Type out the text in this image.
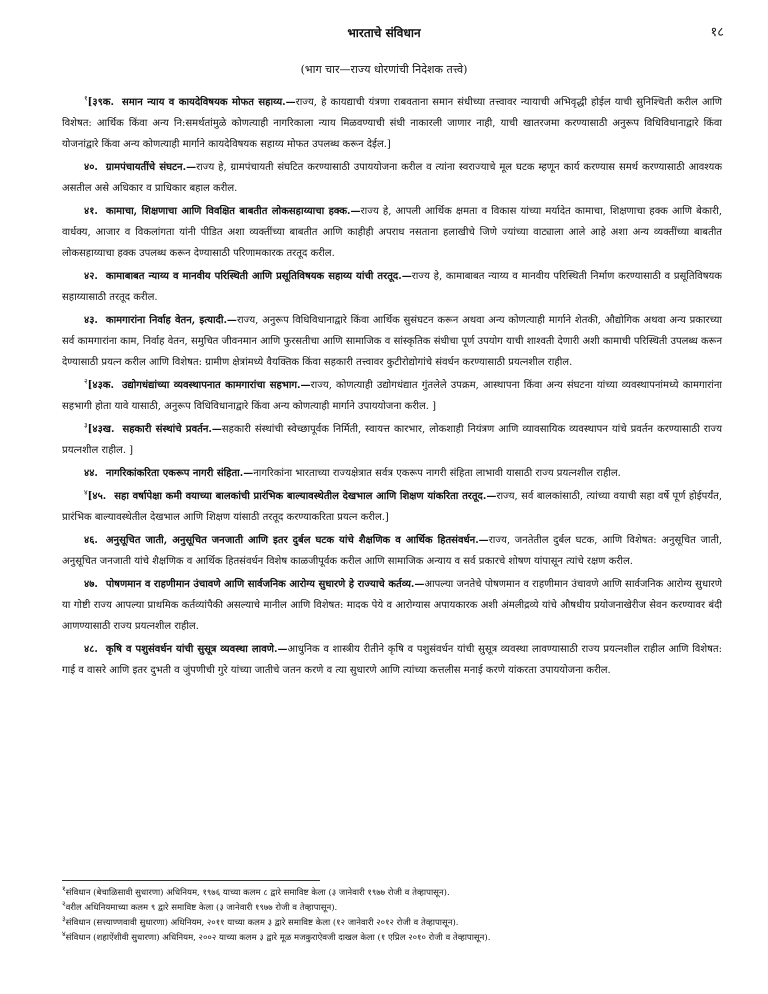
भारताचे संविधान	१८
(भाग चार—राज्य धोरणांची निदेशक तत्त्वे)

$^१$[३९क. समान न्याय व कायदेविषयक मोफत सहाय्य.—राज्य, हे कायद्याची यंत्रणा राबवताना समान संधीच्या तत्त्वावर न्यायाची अभिवृद्धी होईल याची सुनिश्चिती करील आणि विशेषत: आर्थिक किंवा अन्य नि:समर्थतांमुळे कोणत्याही नागरिकाला न्याय मिळवण्याची संधी नाकारली जाणार नाही, याची खातरजमा करण्यासाठी अनुरूप विधिविधानाद्वारे किंवा योजनांद्वारे किंवा अन्य कोणत्याही मार्गाने कायदेविषयक सहाय्य मोफत उपलब्ध करून देईल.]

४०. ग्रामपंचायतींचे संघटन.—राज्य हे, ग्रामपंचायती संघटित करण्यासाठी उपाययोजना करील व त्यांना स्वराज्याचे मूल घटक म्हणून कार्य करण्यास समर्थ करण्यासाठी आवश्यक असतील असे अधिकार व प्राधिकार बहाल करील.

४१. कामाचा, शिक्षणाचा आणि विवक्षित बाबतीत लोकसहाय्याचा हक्क.—राज्य हे, आपली आर्थिक क्षमता व विकास यांच्या मर्यादेत कामाचा, शिक्षणाचा हक्क आणि बेकारी, वार्धक्य, आजार व विकलांगता यांनी पीडित अशा व्यक्तींच्या बाबतीत आणि काहीही अपराध नसताना हलाखीचे जिणे ज्यांच्या वाट्याला आले आहे अशा अन्य व्यक्तींच्या बाबतीत लोकसहाय्याचा हक्क उपलब्ध करून देण्यासाठी परिणामकारक तरतूद करील.

४२. कामाबाबत न्याय्य व मानवीय परिस्थिती आणि प्रसूतिविषयक सहाय्य यांची तरतूद.—राज्य हे, कामाबाबत न्याय्य व मानवीय परिस्थिती निर्माण करण्यासाठी व प्रसूतिविषयक सहाय्यासाठी तरतूद करील.

४३. कामगारांना निर्वाह वेतन, इत्यादी.—राज्य, अनुरूप विधिविधानाद्वारे किंवा आर्थिक सुसंघटन करून अथवा अन्य कोणत्याही मार्गाने शेतकी, औद्योगिक अथवा अन्य प्रकारच्या सर्व कामगारांना काम, निर्वाह वेतन, समुचित जीवनमान आणि फुरसतीचा आणि सामाजिक व सांस्कृतिक संधीचा पूर्ण उपयोग याची शाश्वती देणारी अशी कामाची परिस्थिती उपलब्ध करून देण्यासाठी प्रयत्न करील आणि विशेषत: ग्रामीण क्षेत्रांमध्ये वैयक्तिक किंवा सहकारी तत्त्वावर कुटीरोद्योगांचे संवर्धन करण्यासाठी प्रयत्नशील राहील.

$^२$[४३क. उद्योगधंद्यांच्या व्यवस्थापनात कामगारांचा सहभाग.—राज्य, कोणत्याही उद्योगधंद्यात गुंतलेले उपक्रम, आस्थापना किंवा अन्य संघटना यांच्या व्यवस्थापनांमध्ये कामगारांना सहभागी होता यावे यासाठी, अनुरूप विधिविधानाद्वारे किंवा अन्य कोणत्याही मार्गाने उपाययोजना करील. ]

$^३$[४३ख. सहकारी संस्थांचे प्रवर्तन.—सहकारी संस्थांची स्वेच्छापूर्वक निर्मिती, स्वायत्त कारभार, लोकशाही नियंत्रण आणि व्यावसायिक व्यवस्थापन यांचे प्रवर्तन करण्यासाठी राज्य प्रयत्नशील राहील. ]

४४. नागरिकांकरिता एकरूप नागरी संहिता.—नागरिकांना भारताच्या राज्यक्षेत्रात सर्वत्र एकरूप नागरी संहिता लाभावी यासाठी राज्य प्रयत्नशील राहील.

$^४$[४५. सहा वर्षापेक्षा कमी वयाच्या बालकांची प्रारंभिक बाल्यावस्थेतील देखभाल आणि शिक्षण यांकरिता तरतूद.—राज्य, सर्व बालकांसाठी, त्यांच्या वयाची सहा वर्षे पूर्ण होईपर्यंत, प्रारंभिक बाल्यावस्थेतील देखभाल आणि शिक्षण यांसाठी तरतूद करण्याकरिता प्रयत्न करील.]

४६. अनुसूचित जाती, अनुसूचित जनजाती आणि इतर दुर्बल घटक यांचे शैक्षणिक व आर्थिक हितसंवर्धन.—राज्य, जनतेतील दुर्बल घटक, आणि विशेषत: अनुसूचित जाती, अनुसूचित जनजाती यांचे शैक्षणिक व आर्थिक हितसंवर्धन विशेष काळजीपूर्वक करील आणि सामाजिक अन्याय व सर्व प्रकारचे शोषण यांपासून त्यांचे रक्षण करील.

४७. पोषणमान व राहणीमान उंचावणे आणि सार्वजनिक आरोग्य सुधारणे हे राज्याचे कर्तव्य.—आपल्या जनतेचे पोषणमान व राहणीमान उंचावणे आणि सार्वजनिक आरोग्य सुधारणे या गोष्टी राज्य आपल्या प्राथमिक कर्तव्यांपैकी असल्याचे मानील आणि विशेषत: मादक पेये व आरोग्यास अपायकारक अशी अंमलीद्रव्ये यांचे औषधीय प्रयोजनाखेरीज सेवन करण्यावर बंदी आणण्यासाठी राज्य प्रयत्नशील राहील.

४८. कृषि व पशुसंवर्धन यांची सुसूत्र व्यवस्था लावणे.—आधुनिक व शास्त्रीय रीतीने कृषि व पशुसंवर्धन यांची सुसूत्र व्यवस्था लावण्यासाठी राज्य प्रयत्नशील राहील आणि विशेषत: गाई व वासरे आणि इतर दुभती व जुंपणीची गुरे यांच्या जातीचे जतन करणे व त्या सुधारणे आणि त्यांच्या कत्तलीस मनाई करणे यांकरता उपाययोजना करील.

$^१$संविधान (बेचाळिसावी सुधारणा) अधिनियम, १९७६ याच्या कलम ८ द्वारे समाविष्ट केला (३ जानेवारी १९७७ रोजी व तेव्हापासून).

$^२$वरील अधिनियमाच्या कलम ९ द्वारे समाविष्ट केला (३ जानेवारी १९७७ रोजी व तेव्हापासून).

$^३$संविधान (सत्त्याण्णवावी सुधारणा) अधिनियम, २०११ याच्या कलम ३ द्वारे समाविष्ट केला (१२ जानेवारी २०१२ रोजी व तेव्हापासून).

$^४$संविधान (शहाऐंशीवी सुधारणा) अधिनियम, २००२ याच्या कलम ३ द्वारे मूळ मजकुराऐवजी दाखल केला (१ एप्रिल २०१० रोजी व तेव्हापासून).
